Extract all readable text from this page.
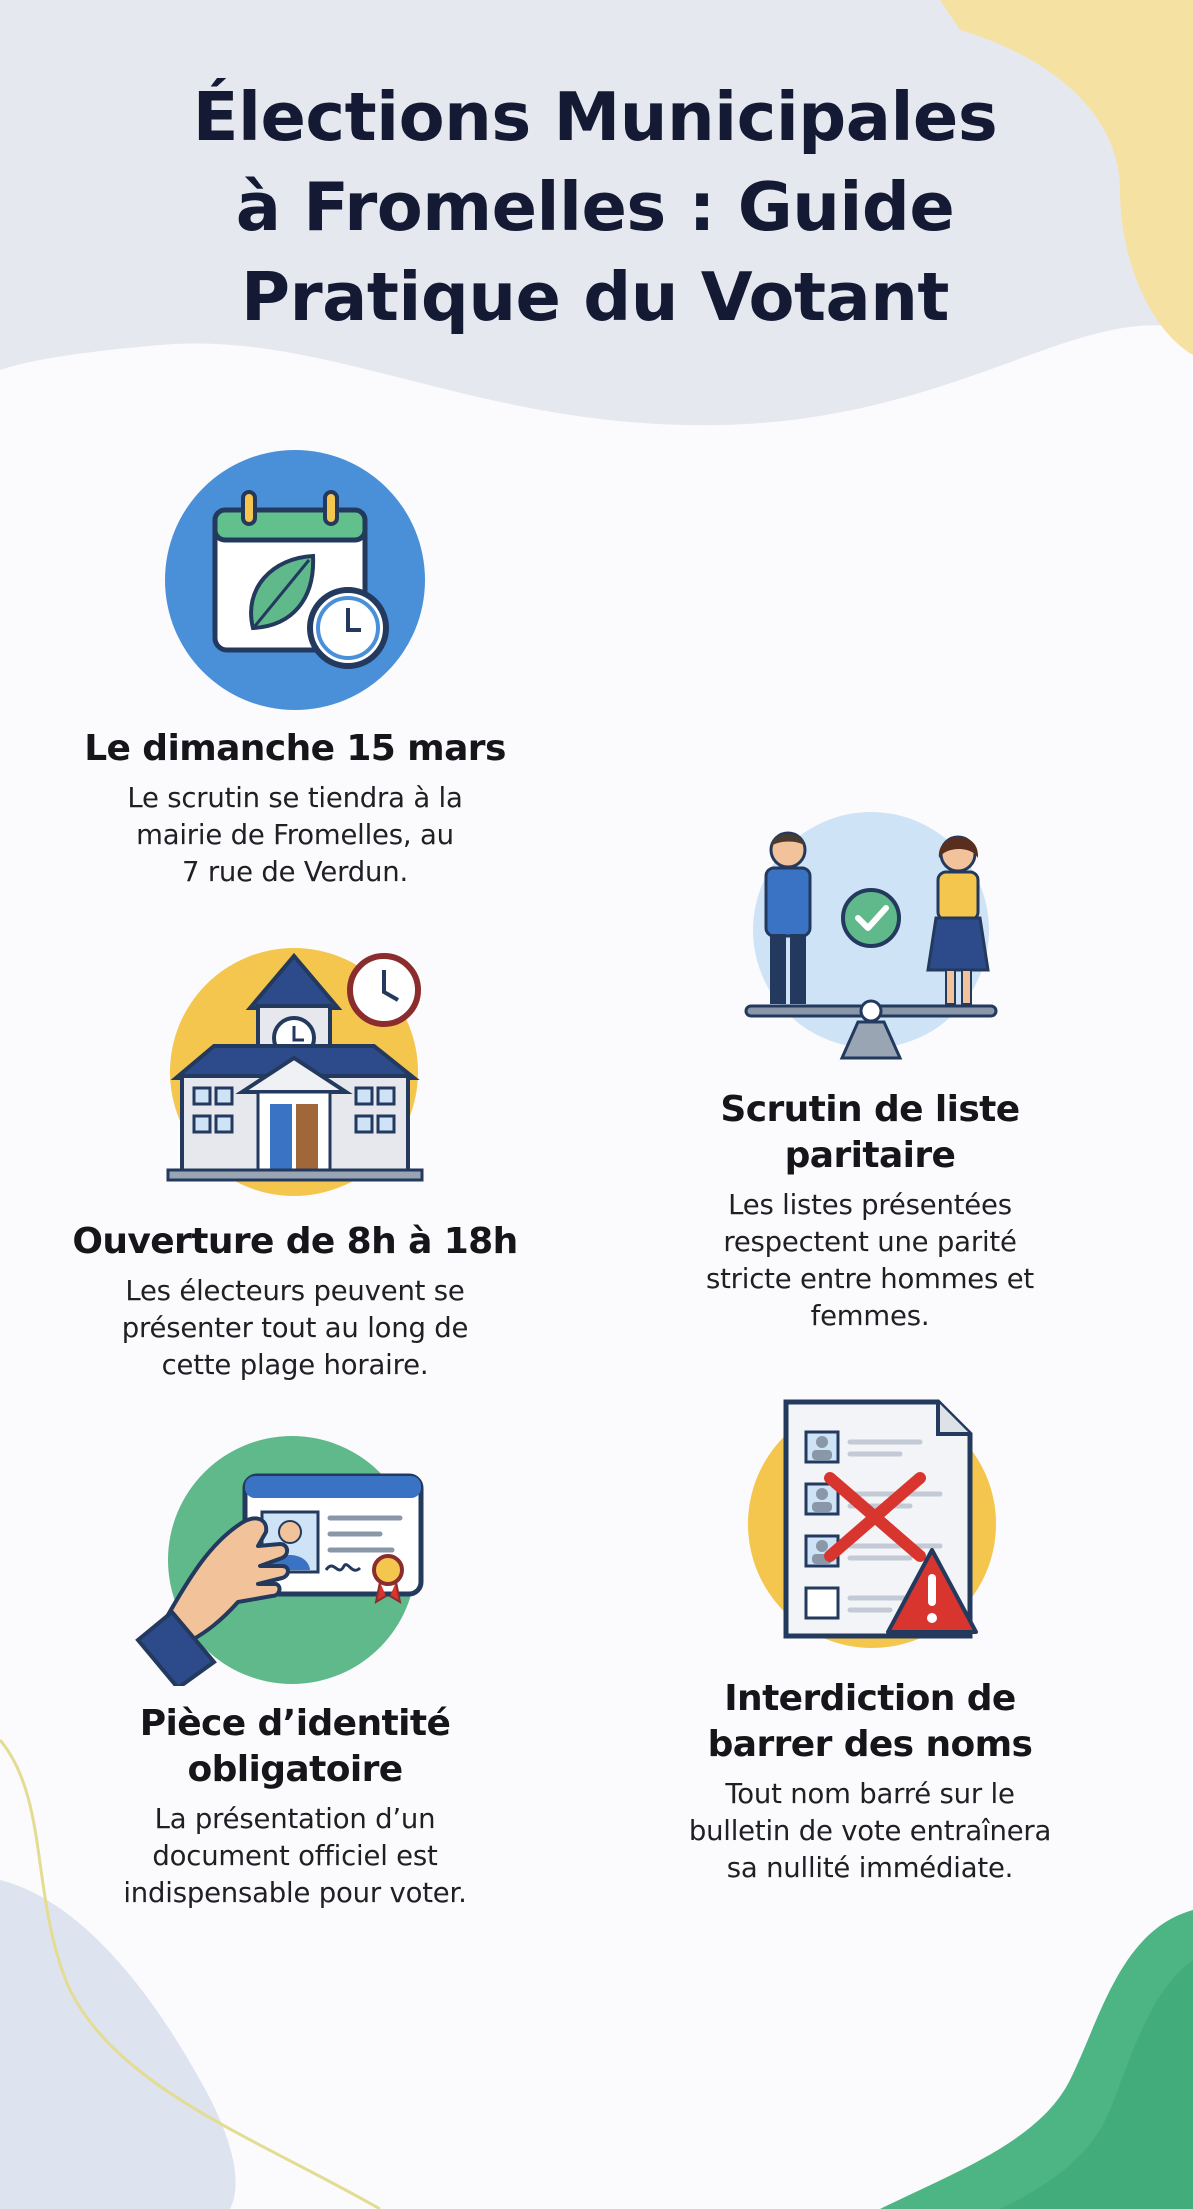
Élections Municipales
à Fromelles : Guide
Pratique du Votant
Le dimanche 15 mars

Le scrutin se tiendra à la
mairie de Fromelles, au
7 rue de Verdun.

Scrutin de liste
paritaire

Les listes présentées
respectent une parité
stricte entre hommes et
femmes.

Ouverture de 8h à 18h

Les électeurs peuvent se
présenter tout au long de
cette plage horaire.

Interdiction de
barrer des noms

Tout nom barré sur le
bulletin de vote entraînera
sa nullité immédiate.

Pièce d’identité
obligatoire

La présentation d’un
document officiel est
indispensable pour voter.
